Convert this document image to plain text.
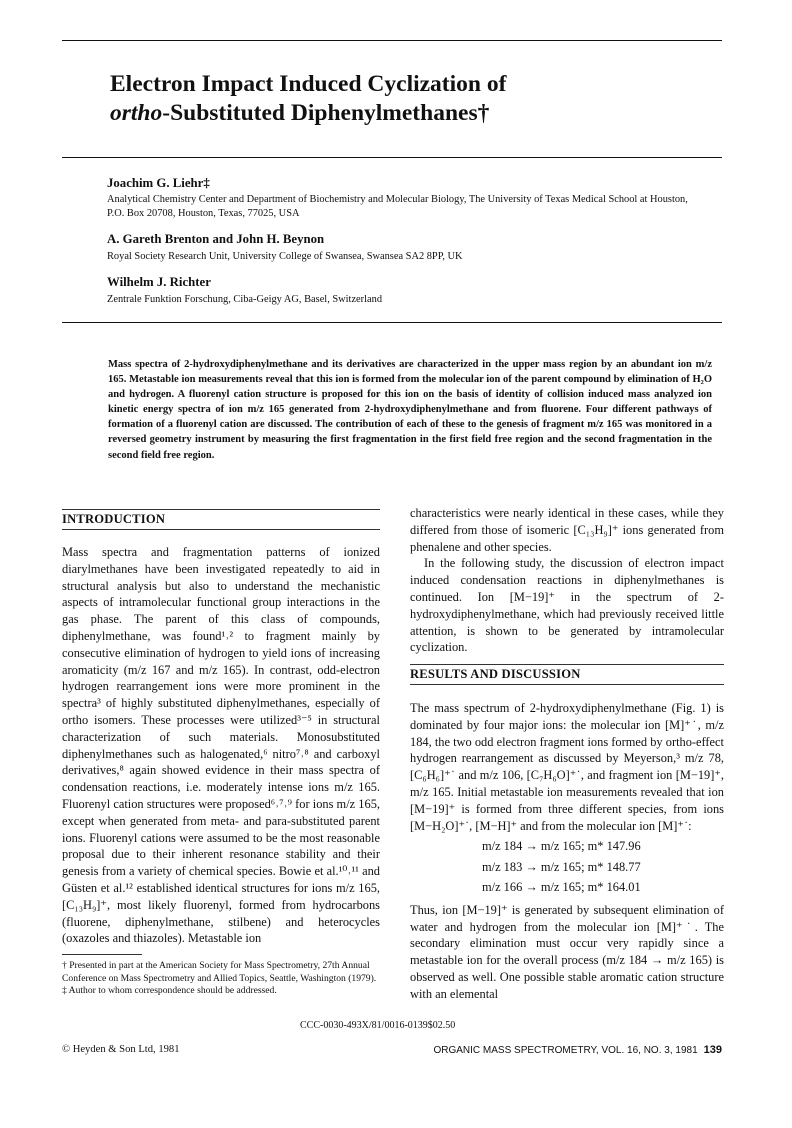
Electron Impact Induced Cyclization of
ortho-Substituted Diphenylmethanes†
Joachim G. Liehr‡
Analytical Chemistry Center and Department of Biochemistry and Molecular Biology, The University of Texas Medical School at Houston, P.O. Box 20708, Houston, Texas, 77025, USA
A. Gareth Brenton and John H. Beynon
Royal Society Research Unit, University College of Swansea, Swansea SA2 8PP, UK
Wilhelm J. Richter
Zentrale Funktion Forschung, Ciba-Geigy AG, Basel, Switzerland
Mass spectra of 2-hydroxydiphenylmethane and its derivatives are characterized in the upper mass region by an abundant ion m/z 165. Metastable ion measurements reveal that this ion is formed from the molecular ion of the parent compound by elimination of H₂O and hydrogen. A fluorenyl cation structure is proposed for this ion on the basis of identity of collision induced mass analyzed ion kinetic energy spectra of ion m/z 165 generated from 2-hydroxydiphenylmethane and from fluorene. Four different pathways of formation of a fluorenyl cation are discussed. The contribution of each of these to the genesis of fragment m/z 165 was monitored in a reversed geometry instrument by measuring the first fragmentation in the first field free region and the second fragmentation in the second field free region.
INTRODUCTION

Mass spectra and fragmentation patterns of ionized diarylmethanes have been investigated repeatedly to aid in structural analysis but also to understand the mechanistic aspects of intramolecular functional group interactions in the gas phase. The parent of this class of compounds, diphenylmethane, was found¹˒² to fragment mainly by consecutive elimination of hydrogen to yield ions of increasing aromaticity (m/z 167 and m/z 165). In contrast, odd-electron hydrogen rearrangement ions were more prominent in the spectra³ of highly substituted diphenylmethanes, especially of ortho isomers. These processes were utilized³⁻⁵ in structural characterization of such materials. Monosubstituted diphenylmethanes such as halogenated,⁶ nitro⁷˒⁸ and carboxyl derivatives,⁸ again showed evidence in their mass spectra of condensation reactions, i.e. moderately intense ions m/z 165. Fluorenyl cation structures were proposed⁶˒⁷˒⁹ for ions m/z 165, except when generated from meta- and para-substituted parent ions. Fluorenyl cations were assumed to be the most reasonable proposal due to their inherent resonance stability and their genesis from a variety of chemical species. Bowie et al.¹⁰˒¹¹ and Güsten et al.¹² established identical structures for ions m/z 165, [C₁₃H₉]⁺, most likely fluorenyl, formed from hydrocarbons (fluorene, diphenylmethane, stilbene) and heterocycles (oxazoles and thiazoles). Metastable ion

† Presented in part at the American Society for Mass Spectrometry, 27th Annual Conference on Mass Spectrometry and Allied Topics, Seattle, Washington (1979).
‡ Author to whom correspondence should be addressed.

characteristics were nearly identical in these cases, while they differed from those of isomeric [C₁₃H₉]⁺ ions generated from phenalene and other species.

In the following study, the discussion of electron impact induced condensation reactions in diphenylmethanes is continued. Ion [M−19]⁺ in the spectrum of 2-hydroxydiphenylmethane, which had previously received little attention, is shown to be generated by intramolecular cyclization.

RESULTS AND DISCUSSION

The mass spectrum of 2-hydroxydiphenylmethane (Fig. 1) is dominated by four major ions: the molecular ion [M]⁺˙, m/z 184, the two odd electron fragment ions formed by ortho-effect hydrogen rearrangement as discussed by Meyerson,³ m/z 78, [C₆H₆]⁺˙ and m/z 106, [C₇H₆O]⁺˙, and fragment ion [M−19]⁺, m/z 165. Initial metastable ion measurements revealed that ion [M−19]⁺ is formed from three different species, from ions [M−H₂O]⁺˙, [M−H]⁺ and from the molecular ion [M]⁺˙:

m/z 184 → m/z 165; m* 147.96
m/z 183 → m/z 165; m* 148.77
m/z 166 → m/z 165; m* 164.01

Thus, ion [M−19]⁺ is generated by subsequent elimination of water and hydrogen from the molecular ion [M]⁺˙. The secondary elimination must occur very rapidly since a metastable ion for the overall process (m/z 184 → m/z 165) is observed as well. One possible stable aromatic cation structure with an elemental

CCC-0030-493X/81/0016-0139$02.50
© Heyden & Son Ltd, 1981	ORGANIC MASS SPECTROMETRY, VOL. 16, NO. 3, 1981 139
